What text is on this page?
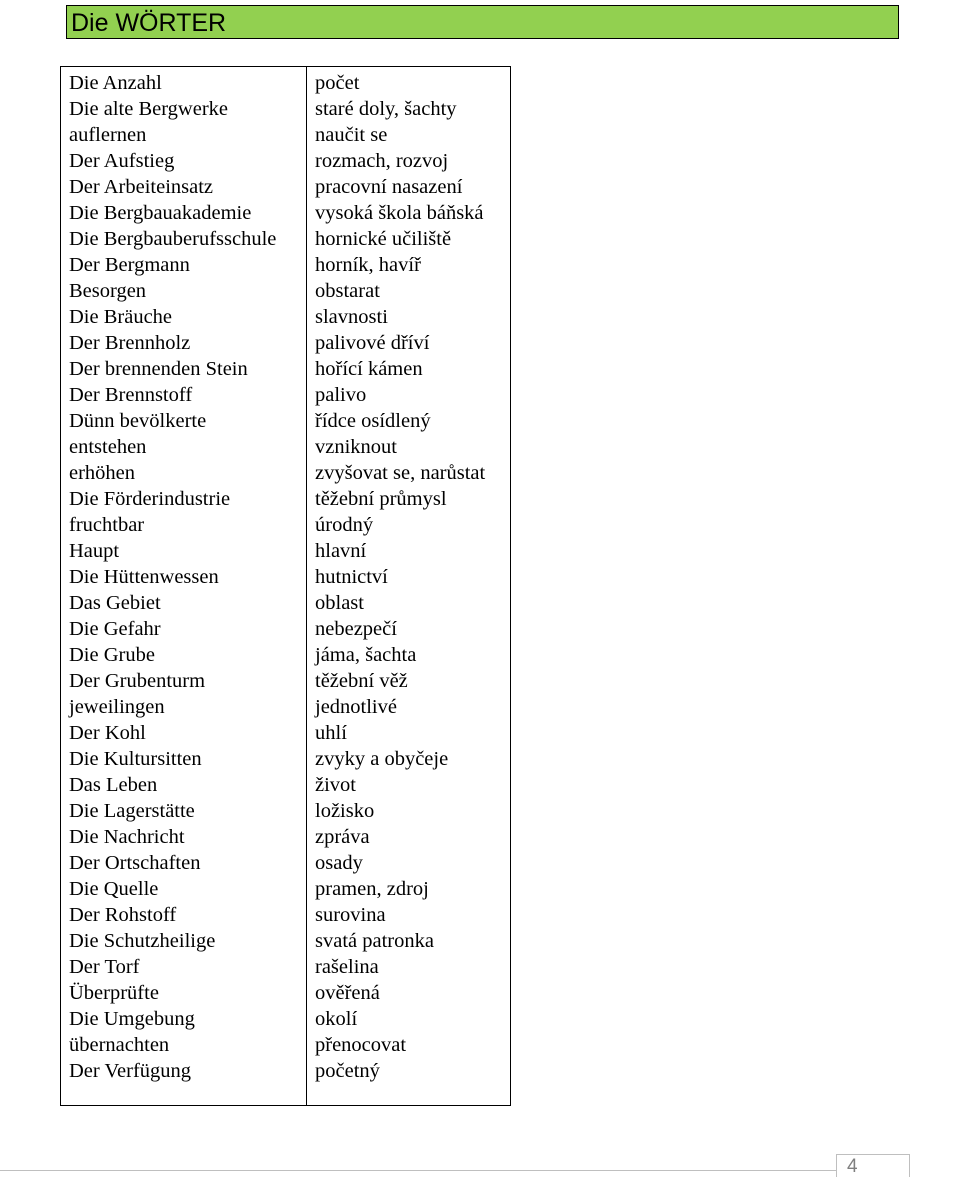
Die WÖRTER
Die Anzahl
Die alte Bergwerke
auflernen
Der Aufstieg
Der Arbeiteinsatz
Die Bergbauakademie
Die Bergbauberufsschule
Der Bergmann
Besorgen
Die Bräuche
Der Brennholz
Der brennenden Stein
Der Brennstoff
Dünn bevölkerte
entstehen
erhöhen
Die Förderindustrie
fruchtbar
Haupt
Die Hüttenwessen
Das Gebiet
Die Gefahr
Die Grube
Der Grubenturm
jeweilingen
Der Kohl
Die Kultursitten
Das Leben
Die Lagerstätte
Die Nachricht
Der Ortschaften
Die Quelle
Der Rohstoff
Die Schutzheilige
Der Torf
Überprüfte
Die Umgebung
übernachten
Der Verfügung
počet
staré doly, šachty
naučit se
rozmach, rozvoj
pracovní nasazení
vysoká škola báňská
hornické učiliště
horník, havíř
obstarat
slavnosti
palivové dříví
hořící kámen
palivo
řídce osídlený
vzniknout
zvyšovat se, narůstat
těžební průmysl
úrodný
hlavní
hutnictví
oblast
nebezpečí
jáma, šachta
těžební věž
jednotlivé
uhlí
zvyky a obyčeje
život
ložisko
zpráva
osady
pramen, zdroj
surovina
svatá patronka
rašelina
ověřená
okolí
přenocovat
početný
4
